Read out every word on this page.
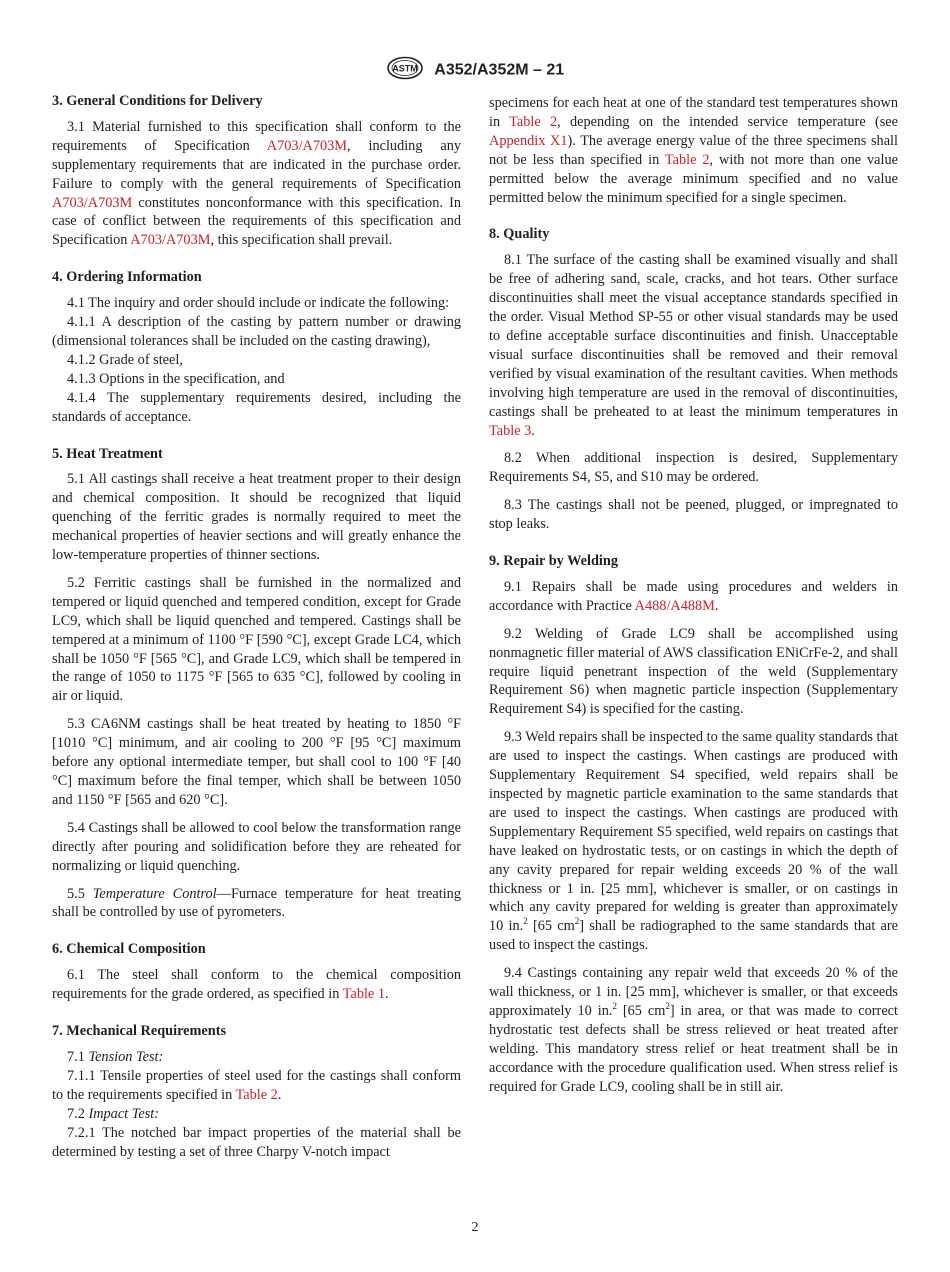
ASTM A352/A352M – 21
3. General Conditions for Delivery

3.1 Material furnished to this specification shall conform to the requirements of Specification A703/A703M, including any supplementary requirements that are indicated in the purchase order. Failure to comply with the general requirements of Specification A703/A703M constitutes nonconformance with this specification. In case of conflict between the requirements of this specification and Specification A703/A703M, this specification shall prevail.

4. Ordering Information

4.1 The inquiry and order should include or indicate the following:

4.1.1 A description of the casting by pattern number or drawing (dimensional tolerances shall be included on the casting drawing),

4.1.2 Grade of steel,

4.1.3 Options in the specification, and

4.1.4 The supplementary requirements desired, including the standards of acceptance.

5. Heat Treatment

5.1 All castings shall receive a heat treatment proper to their design and chemical composition. It should be recognized that liquid quenching of the ferritic grades is normally required to meet the mechanical properties of heavier sections and will greatly enhance the low-temperature properties of thinner sections.

5.2 Ferritic castings shall be furnished in the normalized and tempered or liquid quenched and tempered condition, except for Grade LC9, which shall be liquid quenched and tempered. Castings shall be tempered at a minimum of 1100 °F [590 °C], except Grade LC4, which shall be 1050 °F [565 °C], and Grade LC9, which shall be tempered in the range of 1050 to 1175 °F [565 to 635 °C], followed by cooling in air or liquid.

5.3 CA6NM castings shall be heat treated by heating to 1850 °F [1010 °C] minimum, and air cooling to 200 °F [95 °C] maximum before any optional intermediate temper, but shall cool to 100 °F [40 °C] maximum before the final temper, which shall be between 1050 and 1150 °F [565 and 620 °C].

5.4 Castings shall be allowed to cool below the transformation range directly after pouring and solidification before they are reheated for normalizing or liquid quenching.

5.5 Temperature Control—Furnace temperature for heat treating shall be controlled by use of pyrometers.

6. Chemical Composition

6.1 The steel shall conform to the chemical composition requirements for the grade ordered, as specified in Table 1.

7. Mechanical Requirements

7.1 Tension Test:

7.1.1 Tensile properties of steel used for the castings shall conform to the requirements specified in Table 2.

7.2 Impact Test:

7.2.1 The notched bar impact properties of the material shall be determined by testing a set of three Charpy V-notch impact

specimens for each heat at one of the standard test temperatures shown in Table 2, depending on the intended service temperature (see Appendix X1). The average energy value of the three specimens shall not be less than specified in Table 2, with not more than one value permitted below the average minimum specified and no value permitted below the minimum specified for a single specimen.

8. Quality

8.1 The surface of the casting shall be examined visually and shall be free of adhering sand, scale, cracks, and hot tears. Other surface discontinuities shall meet the visual acceptance standards specified in the order. Visual Method SP-55 or other visual standards may be used to define acceptable surface discontinuities and finish. Unacceptable visual surface discontinuities shall be removed and their removal verified by visual examination of the resultant cavities. When methods involving high temperature are used in the removal of discontinuities, castings shall be preheated to at least the minimum temperatures in Table 3.

8.2 When additional inspection is desired, Supplementary Requirements S4, S5, and S10 may be ordered.

8.3 The castings shall not be peened, plugged, or impregnated to stop leaks.

9. Repair by Welding

9.1 Repairs shall be made using procedures and welders in accordance with Practice A488/A488M.

9.2 Welding of Grade LC9 shall be accomplished using nonmagnetic filler material of AWS classification ENiCrFe-2, and shall require liquid penetrant inspection of the weld (Supplementary Requirement S6) when magnetic particle inspection (Supplementary Requirement S4) is specified for the casting.

9.3 Weld repairs shall be inspected to the same quality standards that are used to inspect the castings. When castings are produced with Supplementary Requirement S4 specified, weld repairs shall be inspected by magnetic particle examination to the same standards that are used to inspect the castings. When castings are produced with Supplementary Requirement S5 specified, weld repairs on castings that have leaked on hydrostatic tests, or on castings in which the depth of any cavity prepared for repair welding exceeds 20 % of the wall thickness or 1 in. [25 mm], whichever is smaller, or on castings in which any cavity prepared for welding is greater than approximately 10 in.$^2$ [65 $cm^2$] shall be radiographed to the same standards that are used to inspect the castings.

9.4 Castings containing any repair weld that exceeds 20 % of the wall thickness, or 1 in. [25 mm], whichever is smaller, or that exceeds approximately 10 in.$^2$ [65 $cm^2$] in area, or that was made to correct hydrostatic test defects shall be stress relieved or heat treated after welding. This mandatory stress relief or heat treatment shall be in accordance with the procedure qualification used. When stress relief is required for Grade LC9, cooling shall be in still air.

2
